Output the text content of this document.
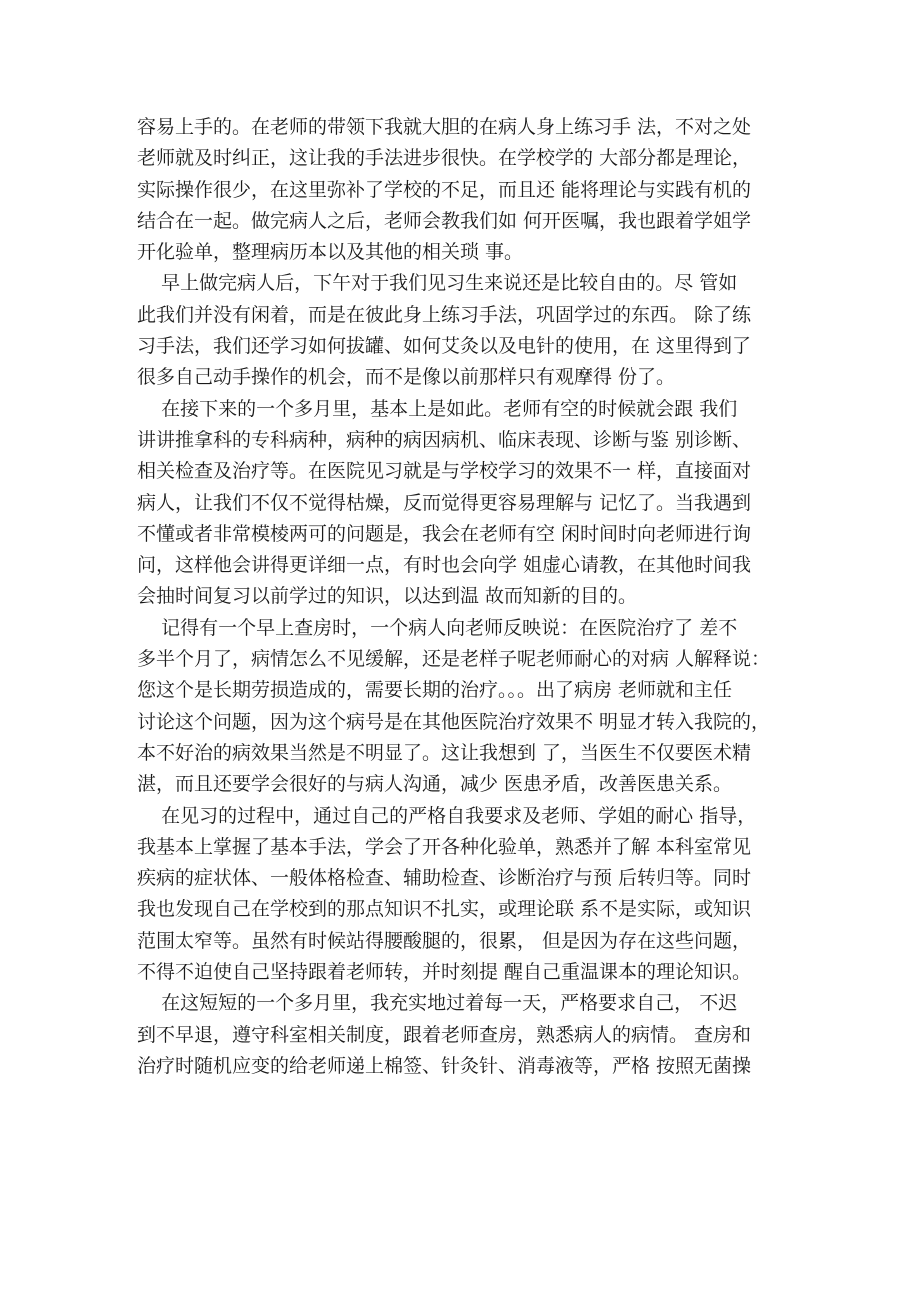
容易上手的。在老师的带领下我就大胆的在病人身上练习手 法，不对之处
老师就及时纠正，这让我的手法进步很快。在学校学的 大部分都是理论，
实际操作很少，在这里弥补了学校的不足，而且还 能将理论与实践有机的
结合在一起。做完病人之后，老师会教我们如 何开医嘱，我也跟着学姐学
开化验单，整理病历本以及其他的相关琐 事。
早上做完病人后，下午对于我们见习生来说还是比较自由的。尽 管如
此我们并没有闲着，而是在彼此身上练习手法，巩固学过的东西。 除了练
习手法，我们还学习如何拔罐、如何艾灸以及电针的使用，在 这里得到了
很多自己动手操作的机会，而不是像以前那样只有观摩得 份了。
在接下来的一个多月里，基本上是如此。老师有空的时候就会跟 我们
讲讲推拿科的专科病种，病种的病因病机、临床表现、诊断与鉴 别诊断、
相关检查及治疗等。在医院见习就是与学校学习的效果不一 样，直接面对
病人，让我们不仅不觉得枯燥，反而觉得更容易理解与 记忆了。当我遇到
不懂或者非常模棱两可的问题是，我会在老师有空 闲时间时向老师进行询
问，这样他会讲得更详细一点，有时也会向学 姐虚心请教，在其他时间我
会抽时间复习以前学过的知识，以达到温 故而知新的目的。
记得有一个早上查房时，一个病人向老师反映说：在医院治疗了 差不
多半个月了，病情怎么不见缓解，还是老样子呢老师耐心的对病 人解释说：
您这个是长期劳损造成的，需要长期的治疗。。。出了病房 老师就和主任
讨论这个问题，因为这个病号是在其他医院治疗效果不 明显才转入我院的，
本不好治的病效果当然是不明显了。这让我想到 了，当医生不仅要医术精
湛，而且还要学会很好的与病人沟通，减少 医患矛盾，改善医患关系。
在见习的过程中，通过自己的严格自我要求及老师、学姐的耐心 指导，
我基本上掌握了基本手法，学会了开各种化验单，熟悉并了解 本科室常见
疾病的症状体、一般体格检查、辅助检查、诊断治疗与预 后转归等。同时
我也发现自己在学校到的那点知识不扎实，或理论联 系不是实际，或知识
范围太窄等。虽然有时候站得腰酸腿的，很累， 但是因为存在这些问题，
不得不迫使自己坚持跟着老师转，并时刻提 醒自己重温课本的理论知识。
在这短短的一个多月里，我充实地过着每一天，严格要求自己， 不迟
到不早退，遵守科室相关制度，跟着老师查房，熟悉病人的病情。 查房和
治疗时随机应变的给老师递上棉签、针灸针、消毒液等，严格 按照无菌操
